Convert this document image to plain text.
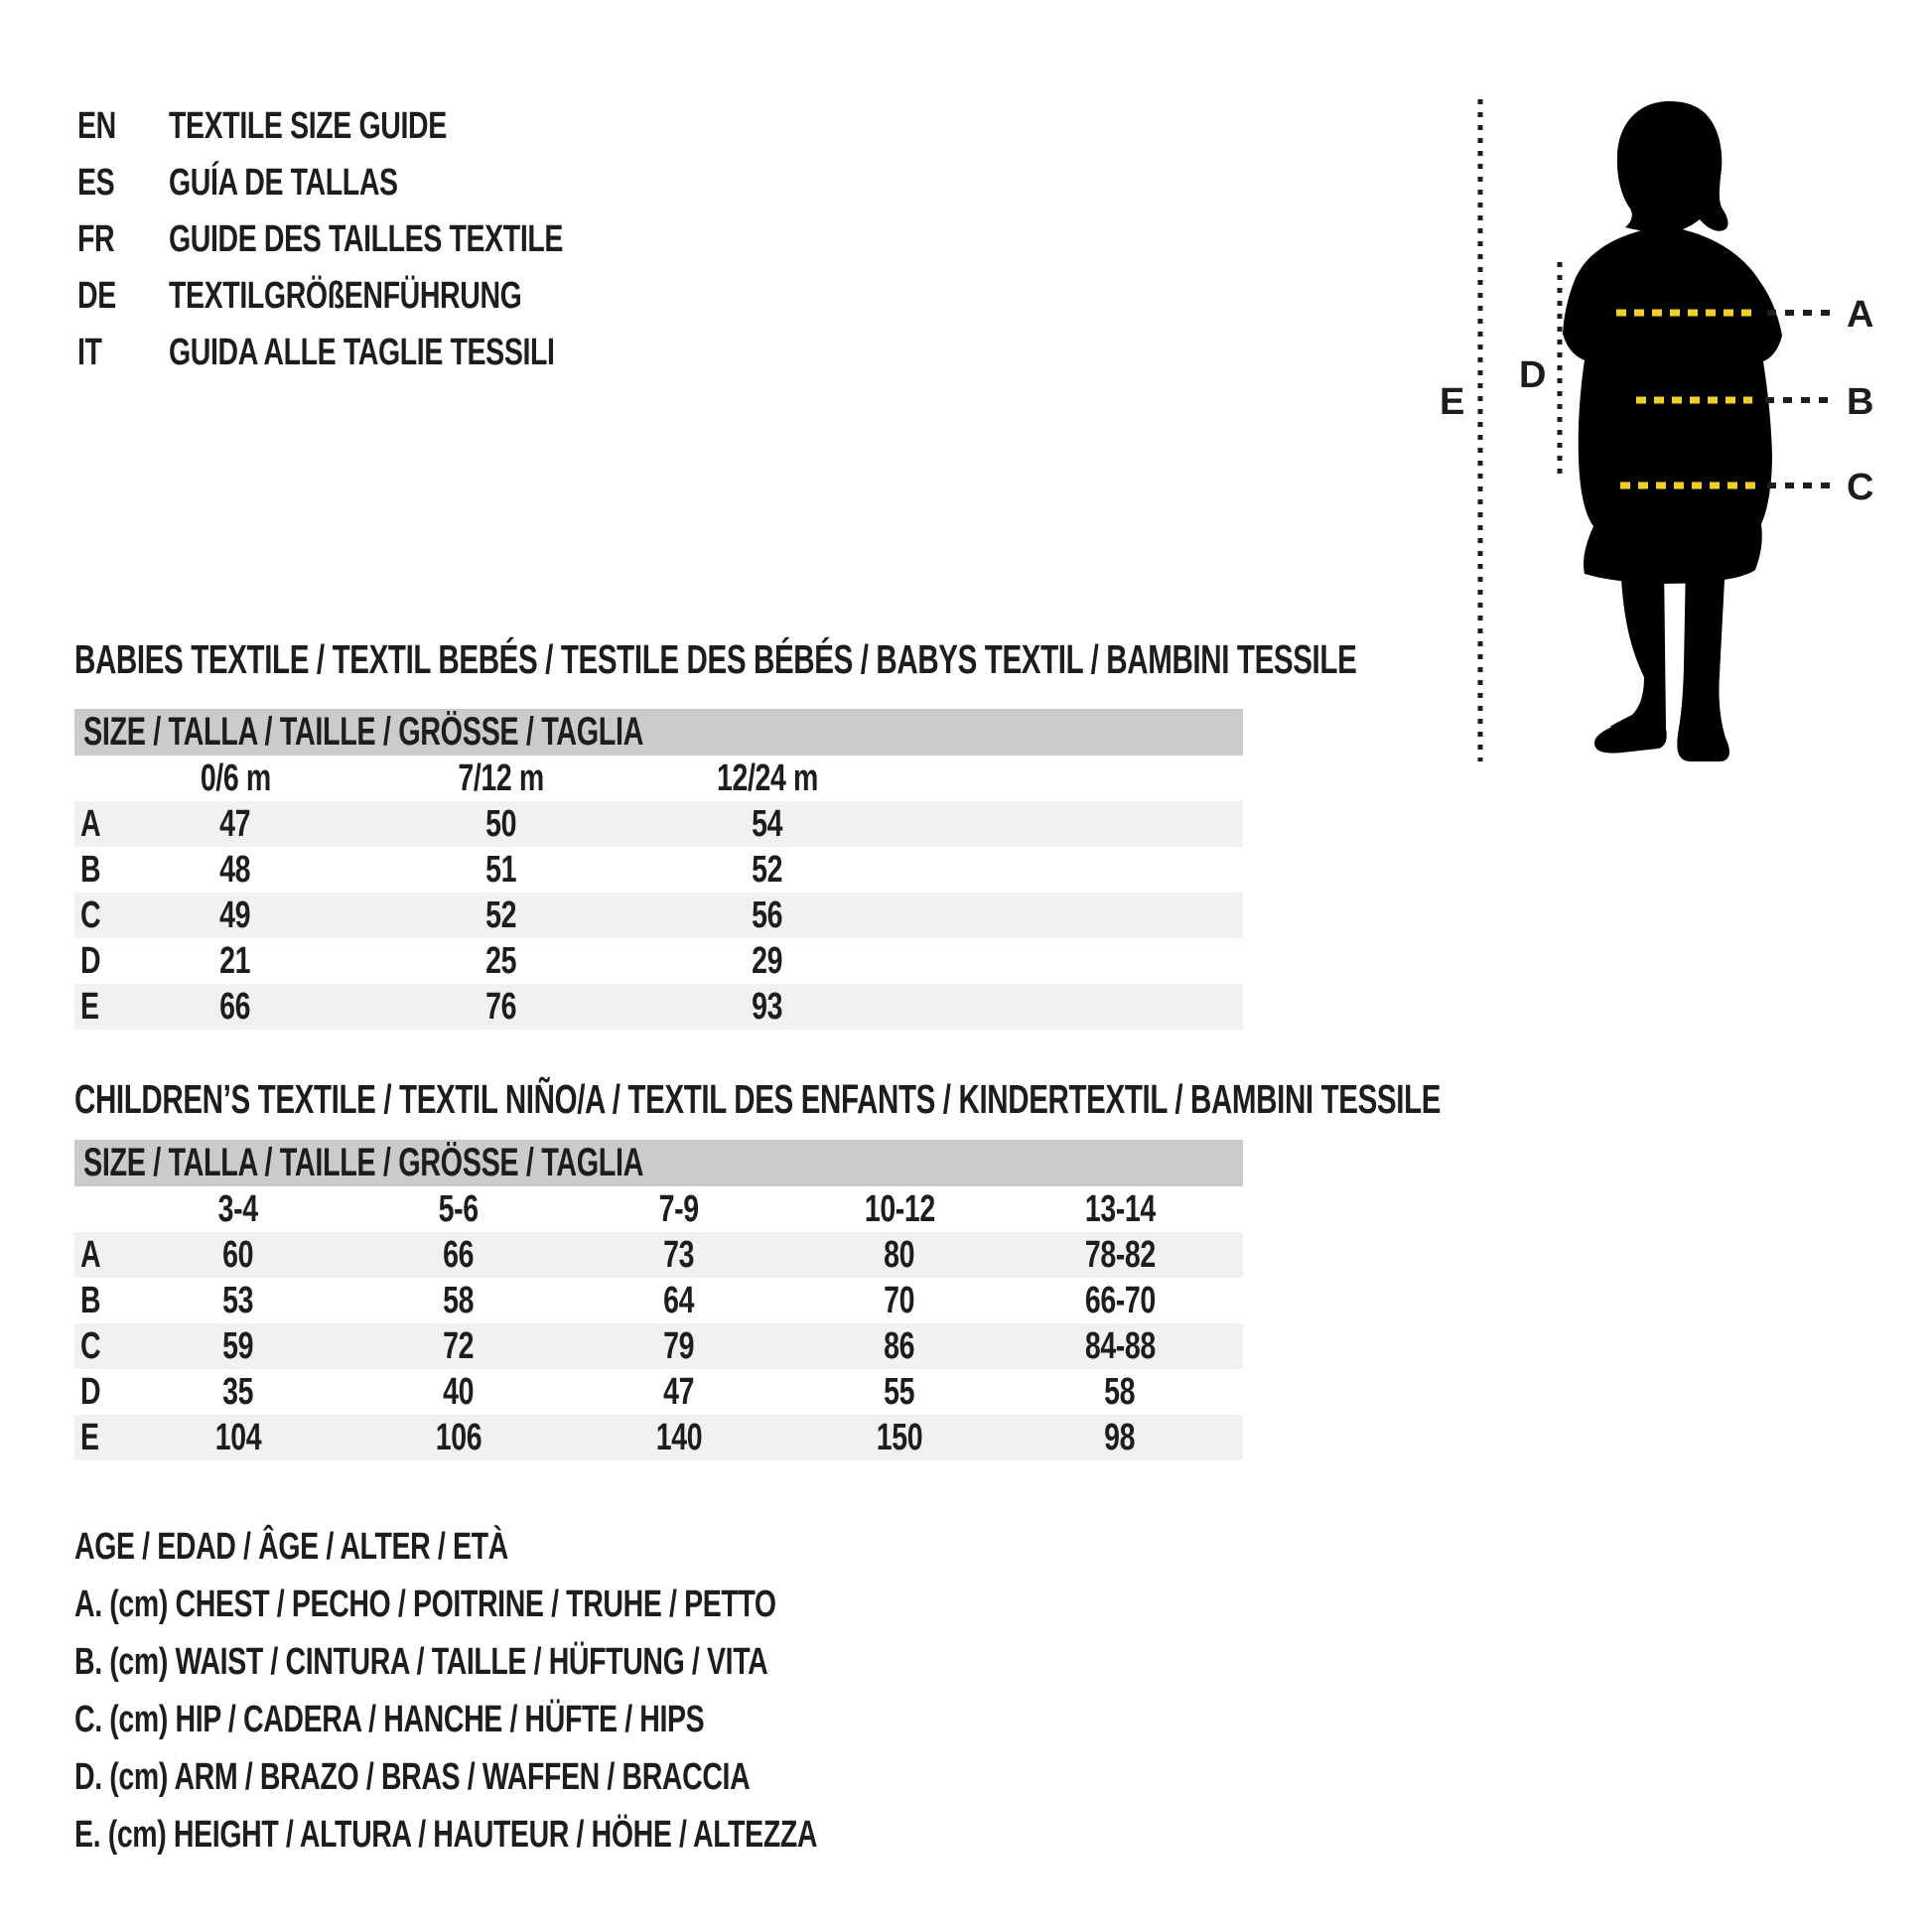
EN	TEXTILE SIZE GUIDE
ES	GUÍA DE TALLAS
FR	GUIDE DES TAILLES TEXTILE
DE	TEXTILGRÖßENFÜHRUNG
IT	GUIDA ALLE TAGLIE TESSILI
BABIES TEXTILE / TEXTIL BEBÉS / TESTILE DES BÉBÉS / BABYS TEXTIL / BAMBINI TESSILE
SIZE / TALLA / TAILLE / GRÖSSE / TAGLIA
	0/6 m	7/12 m	12/24 m	
A	47	50	54	
B	48	51	52	
C	49	52	56	
D	21	25	29	
E	66	76	93	
CHILDREN’S TEXTILE / TEXTIL NIÑO/A / TEXTIL DES ENFANTS / KINDERTEXTIL / BAMBINI TESSILE
SIZE / TALLA / TAILLE / GRÖSSE / TAGLIA
	3-4	5-6	7-9	10-12	13-14	
A	60	66	73	80	78-82	
B	53	58	64	70	66-70	
C	59	72	79	86	84-88	
D	35	40	47	55	58	
E	104	106	140	150	98	
AGE / EDAD / ÂGE / ALTER / ETÀ
A. (cm) CHEST / PECHO / POITRINE / TRUHE / PETTO
B. (cm) WAIST / CINTURA / TAILLE / HÜFTUNG / VITA
C. (cm) HIP / CADERA / HANCHE / HÜFTE / HIPS
D. (cm) ARM / BRAZO / BRAS / WAFFEN / BRACCIA
E. (cm) HEIGHT / ALTURA / HAUTEUR / HÖHE / ALTEZZA
A
B
C
D
E
